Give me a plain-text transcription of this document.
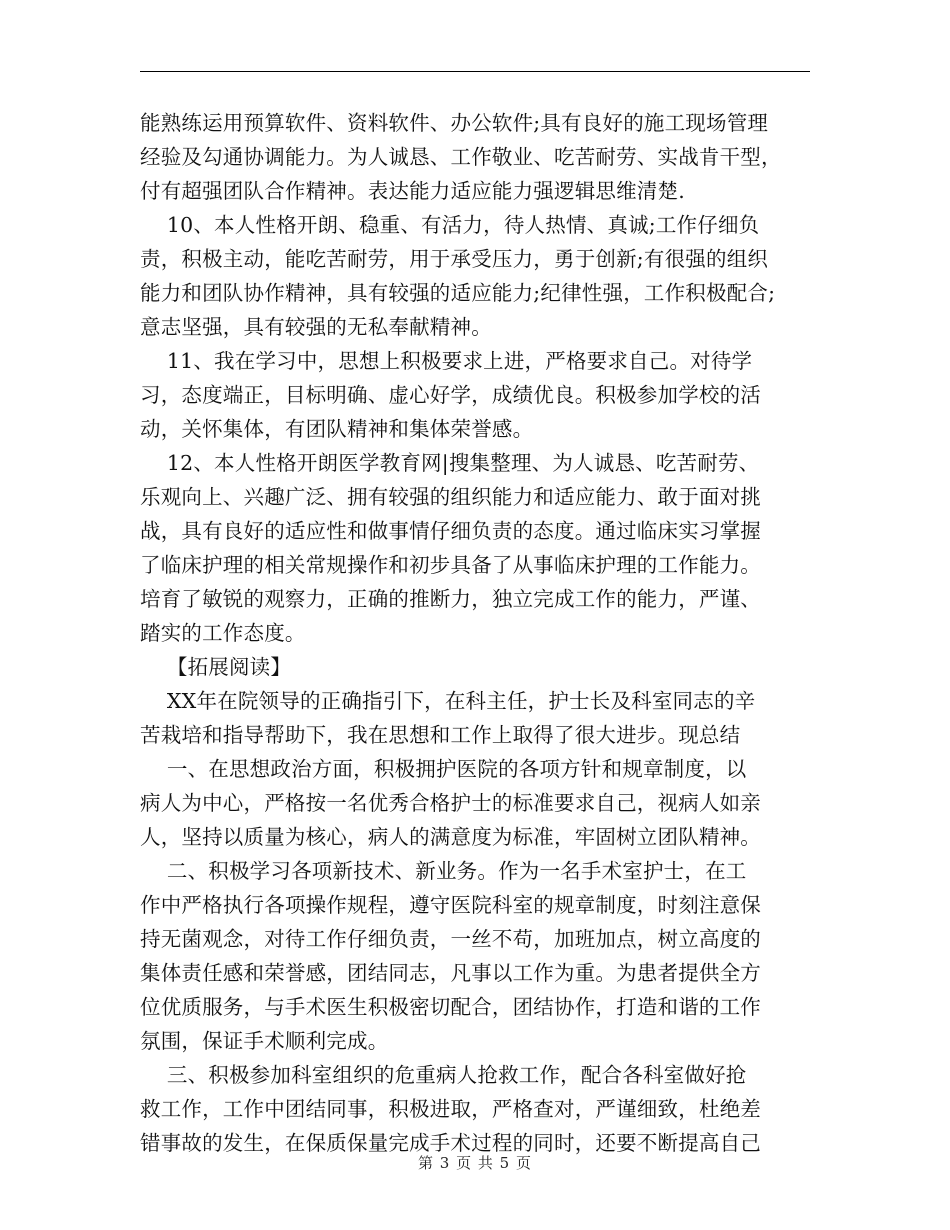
能熟练运用预算软件、资料软件、办公软件;具有良好的施工现场管理
经验及勾通协调能力。为人诚恳、工作敬业、吃苦耐劳、实战肯干型，
付有超强团队合作精神。表达能力适应能力强逻辑思维清楚.
10、本人性格开朗、稳重、有活力，待人热情、真诚;工作仔细负
责，积极主动，能吃苦耐劳，用于承受压力，勇于创新;有很强的组织
能力和团队协作精神，具有较强的适应能力;纪律性强，工作积极配合;
意志坚强，具有较强的无私奉献精神。
11、我在学习中，思想上积极要求上进，严格要求自己。对待学
习，态度端正，目标明确、虚心好学，成绩优良。积极参加学校的活
动，关怀集体，有团队精神和集体荣誉感。
12、本人性格开朗医学教育网|搜集整理、为人诚恳、吃苦耐劳、
乐观向上、兴趣广泛、拥有较强的组织能力和适应能力、敢于面对挑
战，具有良好的适应性和做事情仔细负责的态度。通过临床实习掌握
了临床护理的相关常规操作和初步具备了从事临床护理的工作能力。
培育了敏锐的观察力，正确的推断力，独立完成工作的能力，严谨、
踏实的工作态度。
【拓展阅读】
XX年在院领导的正确指引下，在科主任，护士长及科室同志的辛
苦栽培和指导帮助下，我在思想和工作上取得了很大进步。现总结
一、在思想政治方面，积极拥护医院的各项方针和规章制度，以
病人为中心，严格按一名优秀合格护士的标准要求自己，视病人如亲
人，坚持以质量为核心，病人的满意度为标准，牢固树立团队精神。
二、积极学习各项新技术、新业务。作为一名手术室护士，在工
作中严格执行各项操作规程，遵守医院科室的规章制度，时刻注意保
持无菌观念，对待工作仔细负责，一丝不苟，加班加点，树立高度的
集体责任感和荣誉感，团结同志，凡事以工作为重。为患者提供全方
位优质服务，与手术医生积极密切配合，团结协作，打造和谐的工作
氛围，保证手术顺利完成。
三、积极参加科室组织的危重病人抢救工作，配合各科室做好抢
救工作，工作中团结同事，积极进取，严格查对，严谨细致，杜绝差
错事故的发生，在保质保量完成手术过程的同时，还要不断提高自己
第 3 页 共 5 页
